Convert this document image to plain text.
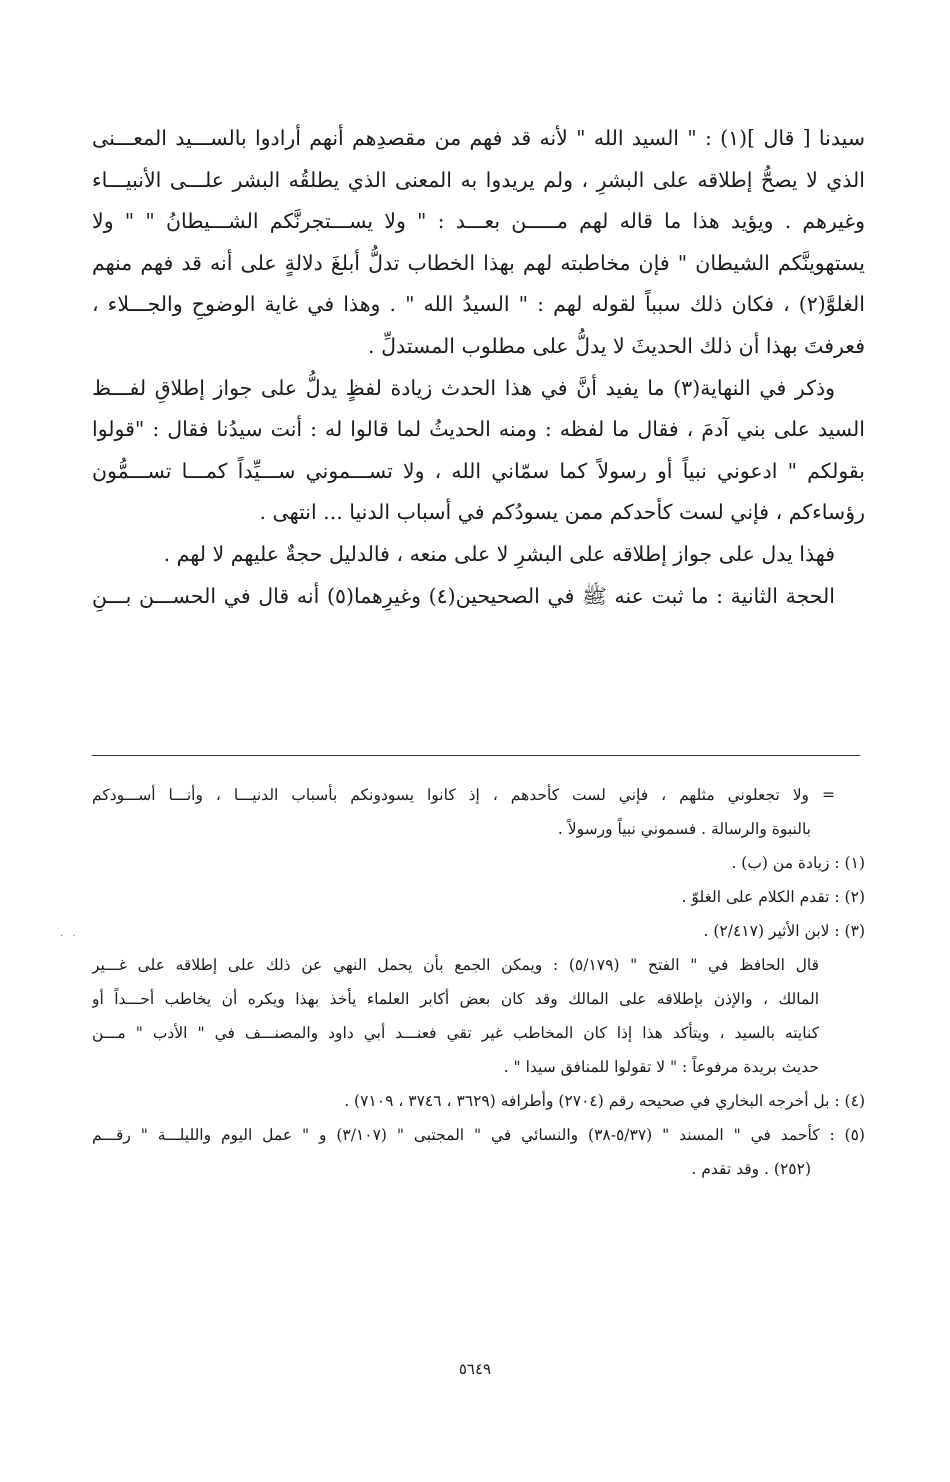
سيدنا [ قال ](١) : " السيد الله " لأنه قد فهم من مقصدِهم أنهم أرادوا بالســـيد المعـــنى
الذي لا يصحُّ إطلاقه على البشرِ ، ولم يريدوا به المعنى الذي يطلقُه البشر علـــى الأنبيـــاء
وغيرهم . ويؤيد هذا ما قاله لهم مـــــن بعـــد : " ولا يســـتجرنَّكم الشـــيطانُ " " ولا
يستهوينَّكم الشيطان " فإن مخاطبته لهم بهذا الخطاب تدلُّ أبلغَ دلالةٍ على أنه قد فهم منهم
الغلوَّ(٢) ، فكان ذلك سبباً لقوله لهم : " السيدُ الله " . وهذا في غاية الوضوحِ والجـــلاء ،
فعرفتَ بهذا أن ذلك الحديثَ لا يدلُّ على مطلوب المستدلِّ .
وذكر في النهاية(٣) ما يفيد أنَّ في هذا الحدث زيادة لفظٍ يدلُّ على جواز إطلاقِ لفـــظ
السيد على بني آدمَ ، فقال ما لفظه : ومنه الحديثُ لما قالوا له : أنت سيدُنا فقال : "قولوا
بقولكم " ادعوني نبياً أو رسولاً كما سمّاني الله ، ولا تســـموني ســـيِّداً كمـــا تســـمُّون
رؤساءكم ، فإني لست كأحدكم ممن يسودُكم في أسباب الدنيا ... انتهى .
فهذا يدل على جواز إطلاقه على البشرِ لا على منعه ، فالدليل حجةٌ عليهم لا لهم .
الحجة الثانية : ما ثبت عنه ﷺ في الصحيحين(٤) وغيرِهما(٥) أنه قال في الحســـن بـــنِ
= ولا تجعلوني مثلهم ، فإني لست كأحدهم ، إذ كانوا يسودونكم بأسباب الدنيـــا ، وأنـــا أســـودكم
بالنبوة والرسالة . فسموني نبياً ورسولاً .
(١) : زيادة من (ب) .
(٢) : تقدم الكلام على الغلوّ .
(٣) : لابن الأثير (٢/٤١٧) .
قال الحافظ في " الفتح " (٥/١٧٩) : ويمكن الجمع بأن يحمل النهي عن ذلك على إطلاقه على غـــير
المالك ، والإذن بإطلاقه على المالك وقد كان بعض أكابر العلماء يأخذ بهذا ويكره أن يخاطب أحـــداً أو
كنايته بالسيد ، ويتأكد هذا إذا كان المخاطب غير تقي فعنـــد أبي داود والمصنـــف في " الأدب " مـــن
حديث بريدة مرفوعاً : " لا تقولوا للمنافق سيدا " .
(٤) : بل أخرجه البخاري في صحيحه رقم (٢٧٠٤) وأطرافه (٣٦٢٩ ، ٣٧٤٦ ، ٧١٠٩) .
(٥) : كأحمد في " المسند " (٥/٣٧-٣٨) والنسائي في " المجتبى " (٣/١٠٧) و " عمل اليوم والليلـــة " رقـــم
(٢٥٢) . وقد تقدم .
. .
٥٦٤٩
